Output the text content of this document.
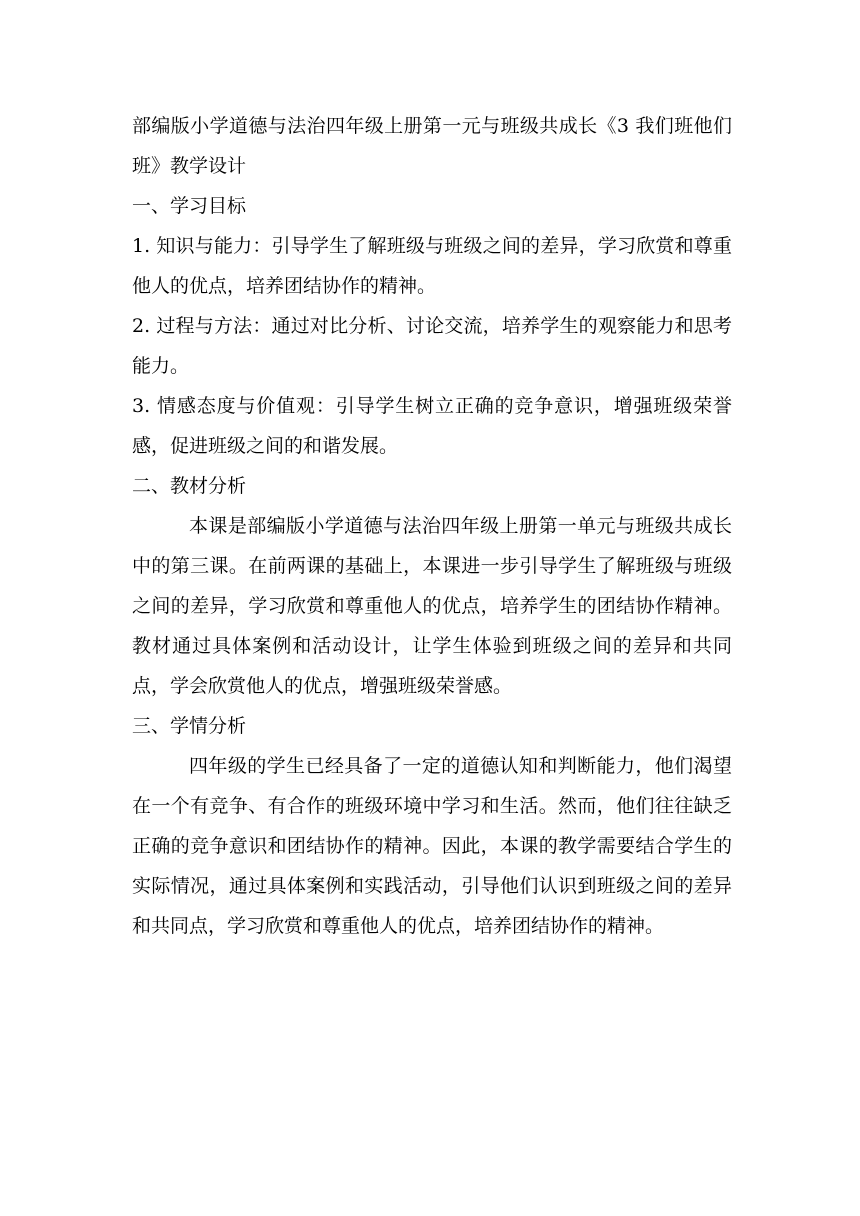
部编版小学道德与法治四年级上册第一元与班级共成长《3 我们班他们班》教学设计

一、学习目标

1. 知识与能力：引导学生了解班级与班级之间的差异，学习欣赏和尊重他人的优点，培养团结协作的精神。

2. 过程与方法：通过对比分析、讨论交流，培养学生的观察能力和思考能力。

3. 情感态度与价值观：引导学生树立正确的竞争意识，增强班级荣誉感，促进班级之间的和谐发展。

二、教材分析

本课是部编版小学道德与法治四年级上册第一单元与班级共成长中的第三课。在前两课的基础上，本课进一步引导学生了解班级与班级之间的差异，学习欣赏和尊重他人的优点，培养学生的团结协作精神。教材通过具体案例和活动设计，让学生体验到班级之间的差异和共同点，学会欣赏他人的优点，增强班级荣誉感。

三、学情分析

四年级的学生已经具备了一定的道德认知和判断能力，他们渴望在一个有竞争、有合作的班级环境中学习和生活。然而，他们往往缺乏正确的竞争意识和团结协作的精神。因此，本课的教学需要结合学生的实际情况，通过具体案例和实践活动，引导他们认识到班级之间的差异和共同点，学习欣赏和尊重他人的优点，培养团结协作的精神。
